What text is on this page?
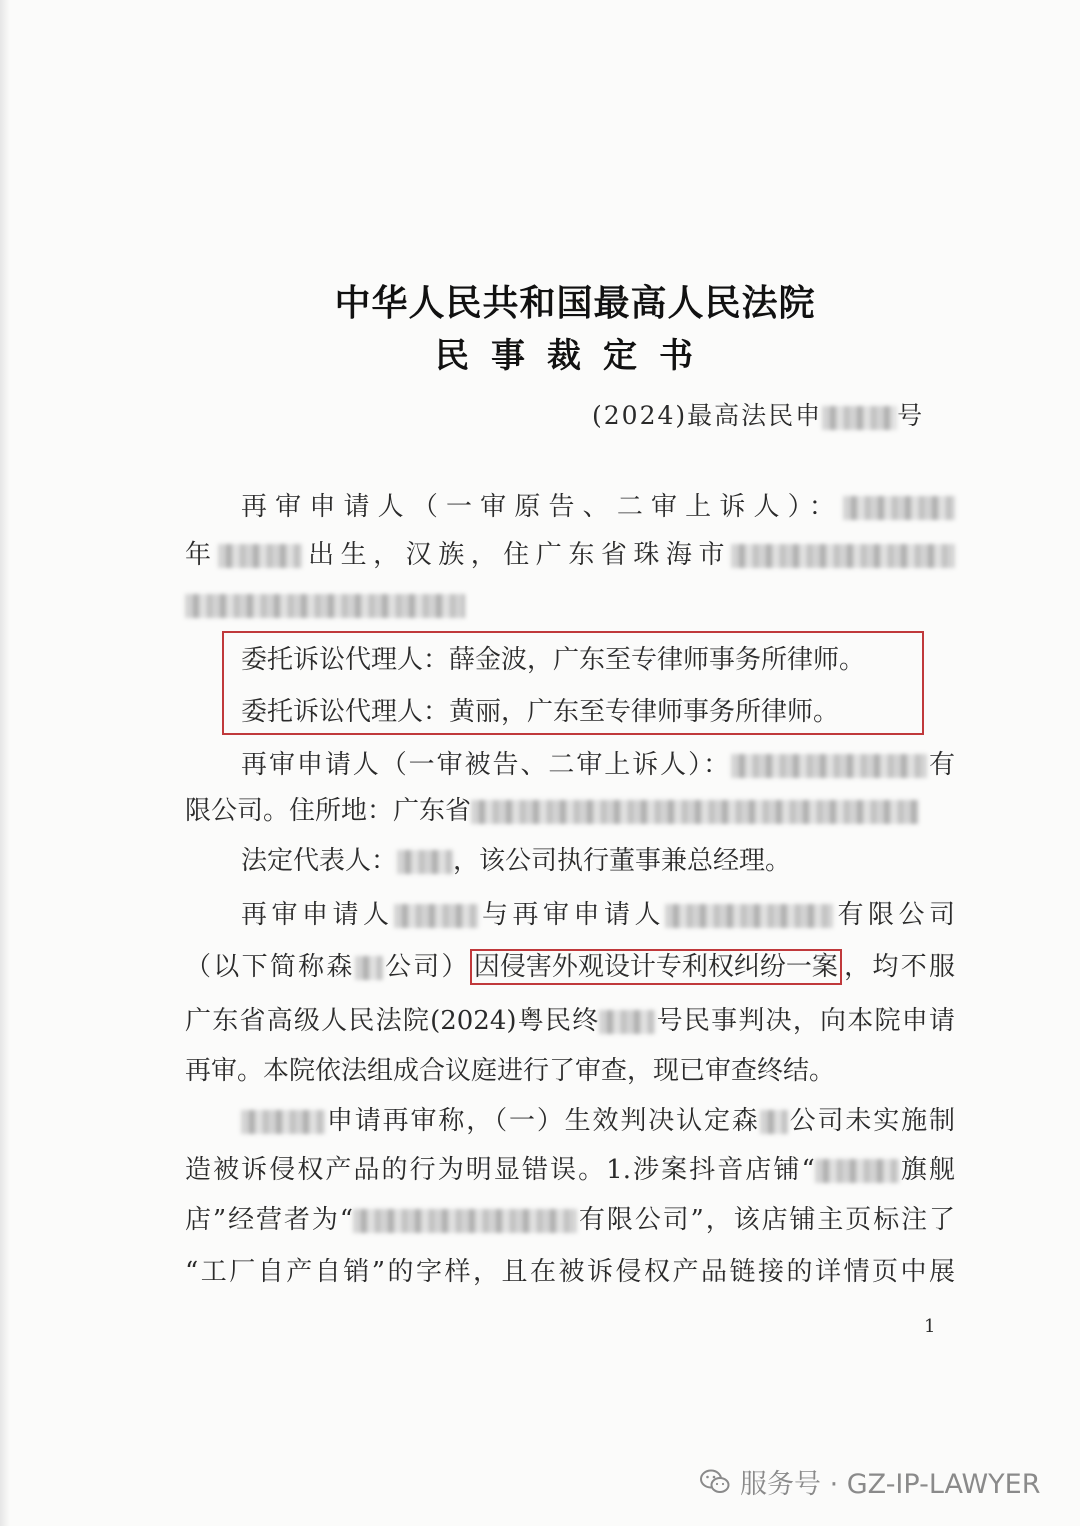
中华人民共和国最高人民法院
民事裁定书
(2024)最高法民申	号
再审申请人（一审原告、二审上诉人）：
年	出生，汉族，住广东省珠海市
委托诉讼代理人：薛金波，广东至专律师事务所律师。
委托诉讼代理人：黄丽，广东至专律师事务所律师。
再审申请人（一审被告、二审上诉人）：	有
限公司。住所地：广东省
法定代表人： ，该公司执行董事兼总经理。
再审申请人	与再审申请人	有限公司
（以下简称森 公司） 因侵害外观设计专利权纠纷一案 ，均不服
广东省高级人民法院(2024)粤民终 号民事判决，向本院申请
再审。本院依法组成合议庭进行了审查，现已审查终结。
申请再审称，（一）生效判决认定森 公司未实施制
造被诉侵权产品的行为明显错误。1.涉案抖音店铺“	旗舰
店”经营者为“	有限公司”，该店铺主页标注了
“工厂自产自销”的字样，且在被诉侵权产品链接的详情页中展
1
服务号 · GZ-IP-LAWYER
